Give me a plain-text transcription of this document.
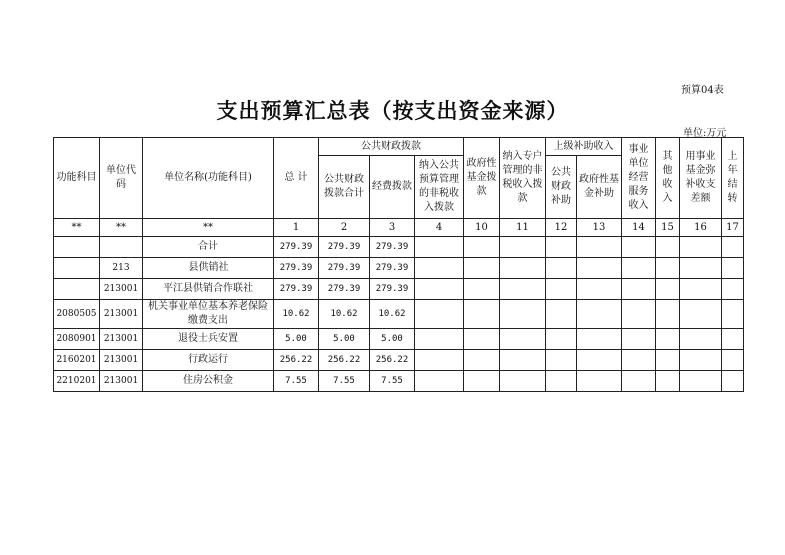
预算04表
支出预算汇总表（按支出资金来源）
单位:万元
功能科目	单位代码	单位名称(功能科目)	总 计	公共财政拨款			政府性基金拨款	纳入专户管理的非税收入拨款	上级补助收入		事业单位经营服务收入	其他收入	用事业基金弥补收支差额	上年结转
				公共财政拨款合计	经费拨款	纳入公共预算管理的非税收入拨款			公共财政补助	政府性基金补助				
**	**	**	1	2	3	4	10	11	12	13	14	15	16	17
		合计	279.39	279.39	279.39									
	213	县供销社	279.39	279.39	279.39									
	213001	平江县供销合作联社	279.39	279.39	279.39									
2080505	213001	机关事业单位基本养老保险缴费支出	10.62	10.62	10.62									
2080901	213001	退役士兵安置	5.00	5.00	5.00									
2160201	213001	行政运行	256.22	256.22	256.22									
2210201	213001	住房公积金	7.55	7.55	7.55									
